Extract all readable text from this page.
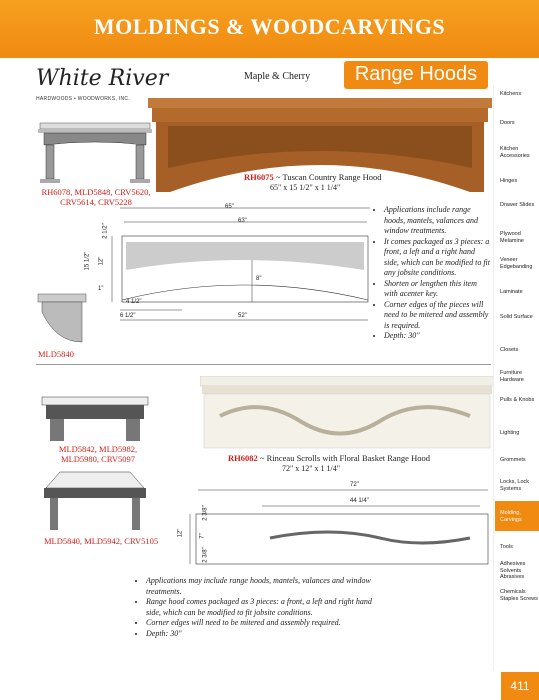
MOLDINGS & WOODCARVINGS
White River
HARDWOODS • WOODWORKS, INC.
Maple & Cherry	Range Hoods
RH6078, MLD5848, CRV5620, CRV5614, CRV5228
RH6075 ~ Tuscan Country Range Hood
65" x 15 1/2" x 1 1/4"
65"
63"
2 1/2"
15 1/2" 12"
1"
8"
4 1/2"
6 1/2"	52"
MLD5840
• Applications include range hoods, mantels, valances and window treatments.
• It comes packaged as 3 pieces: a front, a left and a right hand side, which can be modified to fit any jobsite conditions.
• Shorten or lengthen this item with acenter key.
• Corner edges of the pieces will need to be mitered and assembly is required.
• Depth: 30"
MLD5842, MLD5982, MLD5980, CRV5097
MLD5840, MLD5942, CRV5105
RH6082 ~ Rinceau Scrolls with Floral Basket Range Hood
72" x 12" x 1 1/4"
72"
44 1/4"
12"
2 3/8"
7"
2 3/8"
• Applications may include range hoods, mantels, valances and window treatments.
• Range hood comes packaged as 3 pieces: a front, a left and right hand side, which can be modified to fit jobsite conditions.
• Corner edges will need to be mitered and assembly required.
• Depth: 30"
Kitchens
Doors
Kitchen Accessories
Hinges
Drawer Slides
Plywood Melamine
Veneer Edgebanding
Laminate
Solid Surface
Closets
Furniture Hardware
Pulls & Knobs
Lighting
Grommets
Locks, Lock Systems
Molding, Carvings
Tools
Adhesives Solvents Abrasives
Chemicals Staples Screws
411
